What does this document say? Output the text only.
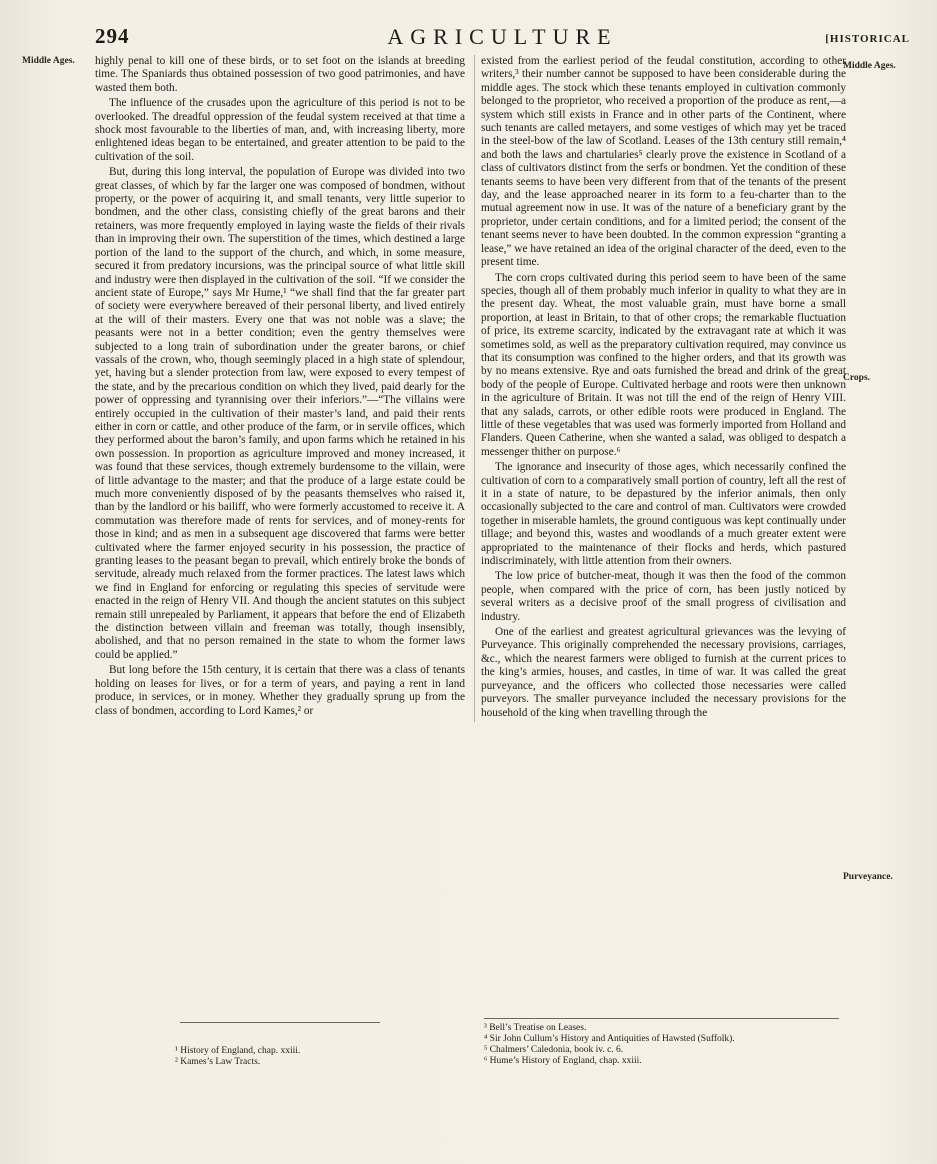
294	AGRICULTURE	[HISTORICAL
Middle Ages.	Middle Ages.
Crops.
Purveyance.

highly penal to kill one of these birds, or to set foot on the islands at breeding time. The Spaniards thus obtained possession of two good patrimonies, and have wasted them both.

The influence of the crusades upon the agriculture of this period is not to be overlooked. The dreadful oppression of the feudal system received at that time a shock most favourable to the liberties of man, and, with increasing liberty, more enlightened ideas began to be entertained, and greater attention to be paid to the cultivation of the soil.

But, during this long interval, the population of Europe was divided into two great classes, of which by far the larger one was composed of bondmen, without property, or the power of acquiring it, and small tenants, very little superior to bondmen, and the other class, consisting chiefly of the great barons and their retainers, was more frequently employed in laying waste the fields of their rivals than in improving their own. The superstition of the times, which destined a large portion of the land to the support of the church, and which, in some measure, secured it from predatory incursions, was the principal source of what little skill and industry were then displayed in the cultivation of the soil. “If we consider the ancient state of Europe,” says Mr Hume,¹ “we shall find that the far greater part of society were everywhere bereaved of their personal liberty, and lived entirely at the will of their masters. Every one that was not noble was a slave; the peasants were not in a better condition; even the gentry themselves were subjected to a long train of subordination under the greater barons, or chief vassals of the crown, who, though seemingly placed in a high state of splendour, yet, having but a slender protection from law, were exposed to every tempest of the state, and by the precarious condition on which they lived, paid dearly for the power of oppressing and tyrannising over their inferiors.”—“The villains were entirely occupied in the cultivation of their master’s land, and paid their rents either in corn or cattle, and other produce of the farm, or in servile offices, which they performed about the baron’s family, and upon farms which he retained in his own possession. In proportion as agriculture improved and money increased, it was found that these services, though extremely burdensome to the villain, were of little advantage to the master; and that the produce of a large estate could be much more conveniently disposed of by the peasants themselves who raised it, than by the landlord or his bailiff, who were formerly accustomed to receive it. A commutation was therefore made of rents for services, and of money-rents for those in kind; and as men in a subsequent age discovered that farms were better cultivated where the farmer enjoyed security in his possession, the practice of granting leases to the peasant began to prevail, which entirely broke the bonds of servitude, already much relaxed from the former practices. The latest laws which we find in England for enforcing or regulating this species of servitude were enacted in the reign of Henry VII. And though the ancient statutes on this subject remain still unrepealed by Parliament, it appears that before the end of Elizabeth the distinction between villain and freeman was totally, though insensibly, abolished, and that no person remained in the state to whom the former laws could be applied.”

But long before the 15th century, it is certain that there was a class of tenants holding on leases for lives, or for a term of years, and paying a rent in land produce, in services, or in money. Whether they gradually sprung up from the class of bondmen, according to Lord Kames,² or

existed from the earliest period of the feudal constitution, according to other writers,³ their number cannot be supposed to have been considerable during the middle ages. The stock which these tenants employed in cultivation commonly belonged to the proprietor, who received a proportion of the produce as rent,—a system which still exists in France and in other parts of the Continent, where such tenants are called metayers, and some vestiges of which may yet be traced in the steel-bow of the law of Scotland. Leases of the 13th century still remain,⁴ and both the laws and chartularies⁵ clearly prove the existence in Scotland of a class of cultivators distinct from the serfs or bondmen. Yet the condition of these tenants seems to have been very different from that of the tenants of the present day, and the lease approached nearer in its form to a feu-charter than to the mutual agreement now in use. It was of the nature of a beneficiary grant by the proprietor, under certain conditions, and for a limited period; the consent of the tenant seems never to have been doubted. In the common expression “granting a lease,” we have retained an idea of the original character of the deed, even to the present time.

The corn crops cultivated during this period seem to have been of the same species, though all of them probably much inferior in quality to what they are in the present day. Wheat, the most valuable grain, must have borne a small proportion, at least in Britain, to that of other crops; the remarkable fluctuation of price, its extreme scarcity, indicated by the extravagant rate at which it was sometimes sold, as well as the preparatory cultivation required, may convince us that its consumption was confined to the higher orders, and that its growth was by no means extensive. Rye and oats furnished the bread and drink of the great body of the people of Europe. Cultivated herbage and roots were then unknown in the agriculture of Britain. It was not till the end of the reign of Henry VIII. that any salads, carrots, or other edible roots were produced in England. The little of these vegetables that was used was formerly imported from Holland and Flanders. Queen Catherine, when she wanted a salad, was obliged to despatch a messenger thither on purpose.⁶

The ignorance and insecurity of those ages, which necessarily confined the cultivation of corn to a comparatively small portion of country, left all the rest of it in a state of nature, to be depastured by the inferior animals, then only occasionally subjected to the care and control of man. Cultivators were crowded together in miserable hamlets, the ground contiguous was kept continually under tillage; and beyond this, wastes and woodlands of a much greater extent were appropriated to the maintenance of their flocks and herds, which pastured indiscriminately, with little attention from their owners.

The low price of butcher-meat, though it was then the food of the common people, when compared with the price of corn, has been justly noticed by several writers as a decisive proof of the small progress of civilisation and industry.

One of the earliest and greatest agricultural grievances was the levying of Purveyance. This originally comprehended the necessary provisions, carriages, &c., which the nearest farmers were obliged to furnish at the current prices to the king’s armies, houses, and castles, in time of war. It was called the great purveyance, and the officers who collected those necessaries were called purveyors. The smaller purveyance included the necessary provisions for the household of the king when travelling through the

¹ History of England, chap. xxiii.
² Kames’s Law Tracts.
³ Bell’s Treatise on Leases.
⁴ Sir John Cullum’s History and Antiquities of Hawsted (Suffolk).
⁵ Chalmers’ Caledonia, book iv. c. 6.
⁶ Hume’s History of England, chap. xxiii.
